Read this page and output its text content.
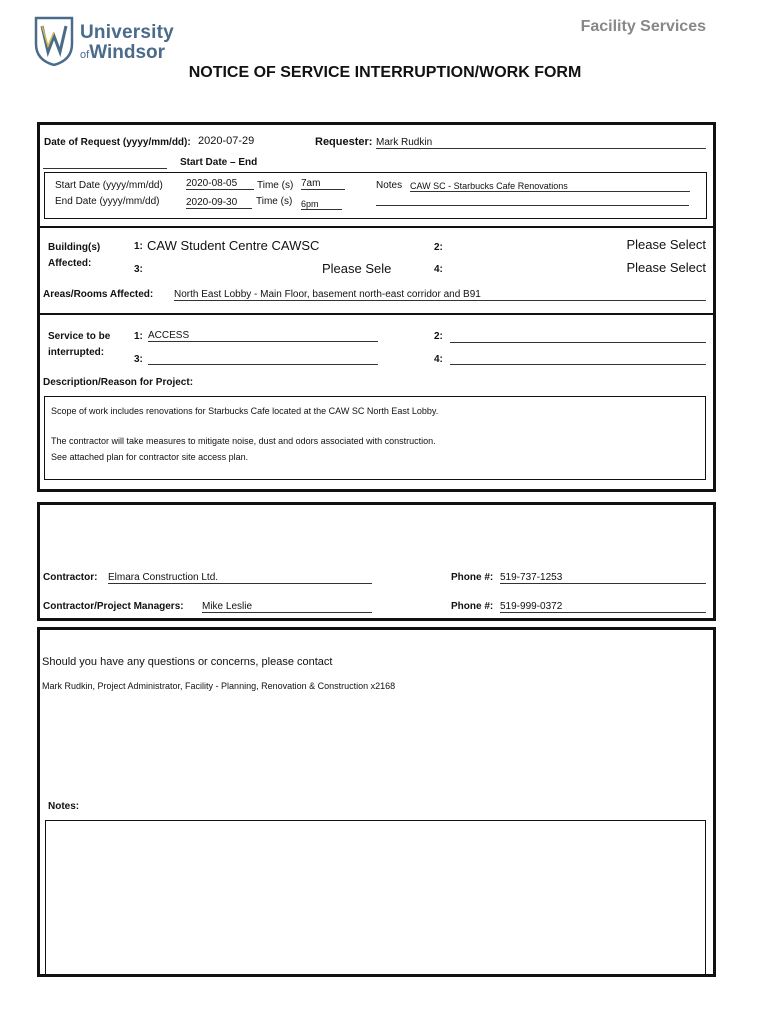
University
ofWindsor
Facility Services
NOTICE OF SERVICE INTERRUPTION/WORK FORM
Date of Request (yyyy/mm/dd): 2020-07-29	Requester: Mark Rudkin
Start Date – End
Start Date (yyyy/mm/dd) 2020-08-05	Time (s) 7am
End Date (yyyy/mm/dd)	2020-09-30	Time (s) 6pm
Notes CAW SC - Starbucks Cafe Renovations
Building(s)
Affected:
1: CAW Student Centre CAWSC	2:	Please Select
3:	Please Sele	4:	Please Select
Areas/Rooms Affected: North East Lobby - Main Floor, basement north-east corridor and B91
Service to be
interrupted:
1: ACCESS	2:
3:	4:
Description/Reason for Project:
Scope of work includes renovations for Starbucks Cafe located at the CAW SC North East Lobby.
The contractor will take measures to mitigate noise, dust and odors associated with construction.
See attached plan for contractor site access plan.
Contractor: Elmara Construction Ltd.	Phone #: 519-737-1253
Contractor/Project Managers: Mike Leslie	Phone #: 519-999-0372
Should you have any questions or concerns, please contact
Mark Rudkin, Project Administrator, Facility - Planning, Renovation & Construction x2168
Notes:
